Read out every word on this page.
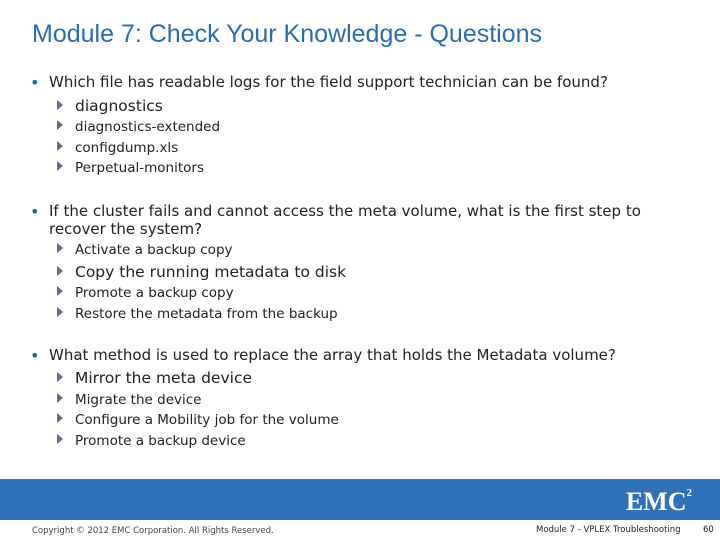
Module 7: Check Your Knowledge - Questions
• Which file has readable logs for the field support technician can be found?
diagnostics
diagnostics-extended
configdump.xls
Perpetual-monitors
• If the cluster fails and cannot access the meta volume, what is the first step to recover the system?
Activate a backup copy
Copy the running metadata to disk
Promote a backup copy
Restore the metadata from the backup
• What method is used to replace the array that holds the Metadata volume?
Mirror the meta device
Migrate the device
Configure a Mobility job for the volume
Promote a backup device
EMC$^2$
Copyright © 2012 EMC Corporation. All Rights Reserved.	Module 7 - VPLEX Troubleshooting	60
